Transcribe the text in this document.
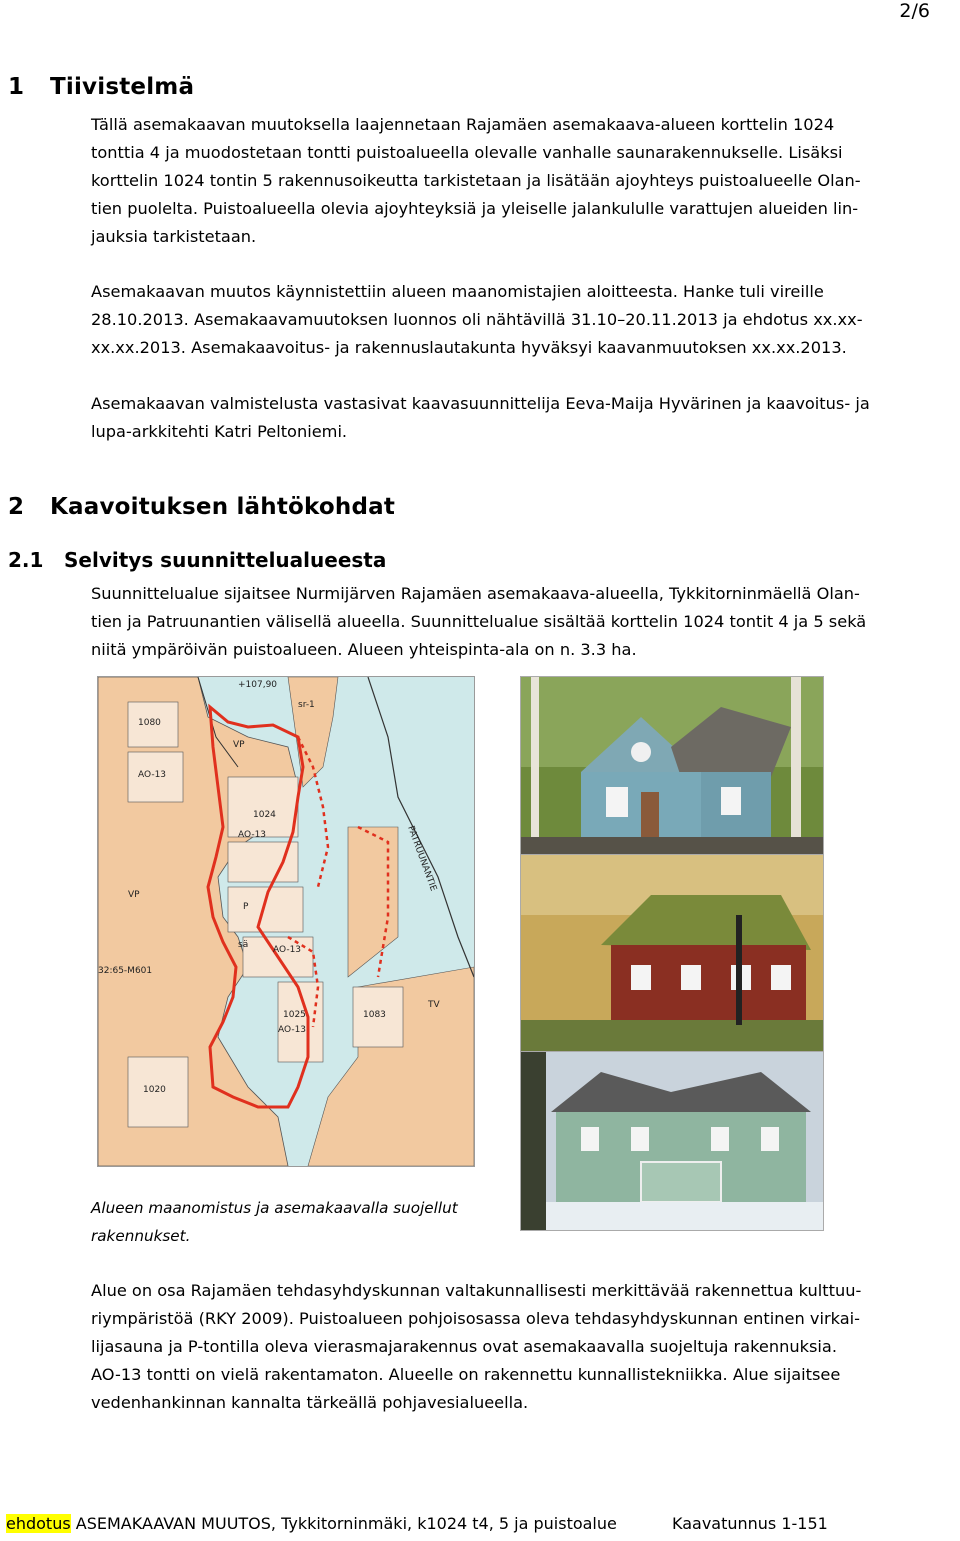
2/6
1 Tiivistelmä
Tällä asemakaavan muutoksella laajennetaan Rajamäen asemakaava-alueen korttelin 1024
tonttia 4 ja muodostetaan tontti puistoalueella olevalle vanhalle saunarakennukselle. Lisäksi
korttelin 1024 tontin 5 rakennusoikeutta tarkistetaan ja lisätään ajoyhteys puistoalueelle Olan-
tien puolelta. Puistoalueella olevia ajoyhteyksiä ja yleiselle jalankululle varattujen alueiden lin-
jauksia tarkistetaan.
Asemakaavan muutos käynnistettiin alueen maanomistajien aloitteesta. Hanke tuli vireille
28.10.2013. Asemakaavamuutoksen luonnos oli nähtävillä 31.10–20.11.2013 ja ehdotus xx.xx-
xx.xx.2013. Asemakaavoitus- ja rakennuslautakunta hyväksyi kaavanmuutoksen xx.xx.2013.
Asemakaavan valmistelusta vastasivat kaavasuunnittelija Eeva-Maija Hyvärinen ja kaavoitus- ja
lupa-arkkitehti Katri Peltoniemi.
2 Kaavoituksen lähtökohdat
2.1 Selvitys suunnittelualueesta
Suunnittelualue sijaitsee Nurmijärven Rajamäen asemakaava-alueella, Tykkitorninmäellä Olan-
tien ja Patruunantien välisellä alueella. Suunnittelualue sisältää korttelin 1024 tontit 4 ja 5 sekä
niitä ympäröivän puistoalueen. Alueen yhteispinta-ala on n. 3.3 ha.
1080
AO-13
VP
1024
AO-13
P
AO-13
1025
AO-13
1083
1020
VP
TV
sr-1
sä
32:65-M601
PATRUUNANTIE
+107,90
Alueen maanomistus ja asemakaavalla suojellut
rakennukset.
Alue on osa Rajamäen tehdasyhdyskunnan valtakunnallisesti merkittävää rakennettua kulttuu-
riympäristöä (RKY 2009). Puistoalueen pohjoisosassa oleva tehdasyhdyskunnan entinen virkai-
lijasauna ja P-tontilla oleva vierasmajarakennus ovat asemakaavalla suojeltuja rakennuksia.
AO-13 tontti on vielä rakentamaton. Alueelle on rakennettu kunnallistekniikka. Alue sijaitsee
vedenhankinnan kannalta tärkeällä pohjavesialueella.
ehdotus ASEMAKAAVAN MUUTOS, Tykkitorninmäki, k1024 t4, 5 ja puistoalue	Kaavatunnus 1-151
